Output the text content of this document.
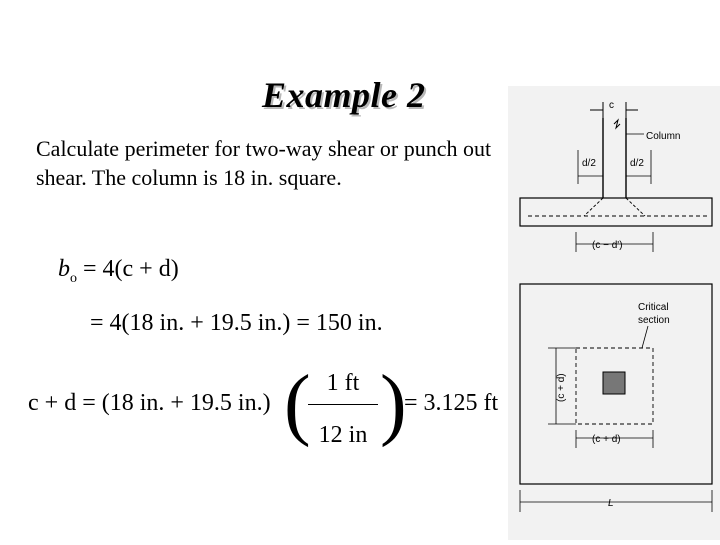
Example 2
Calculate perimeter for two-way shear or punch out shear. The column is 18 in. square.
$b_o = 4(c + d)$
= 4(18 in. + 19.5 in.) = 150 in.
c + d = (18 in. + 19.5 in.) ( 1 ft
12 in )
= 3.125 ft
c
Column
d/2	d/2
(c − d')
Critical
section
(c + d)
(c + d)
L
